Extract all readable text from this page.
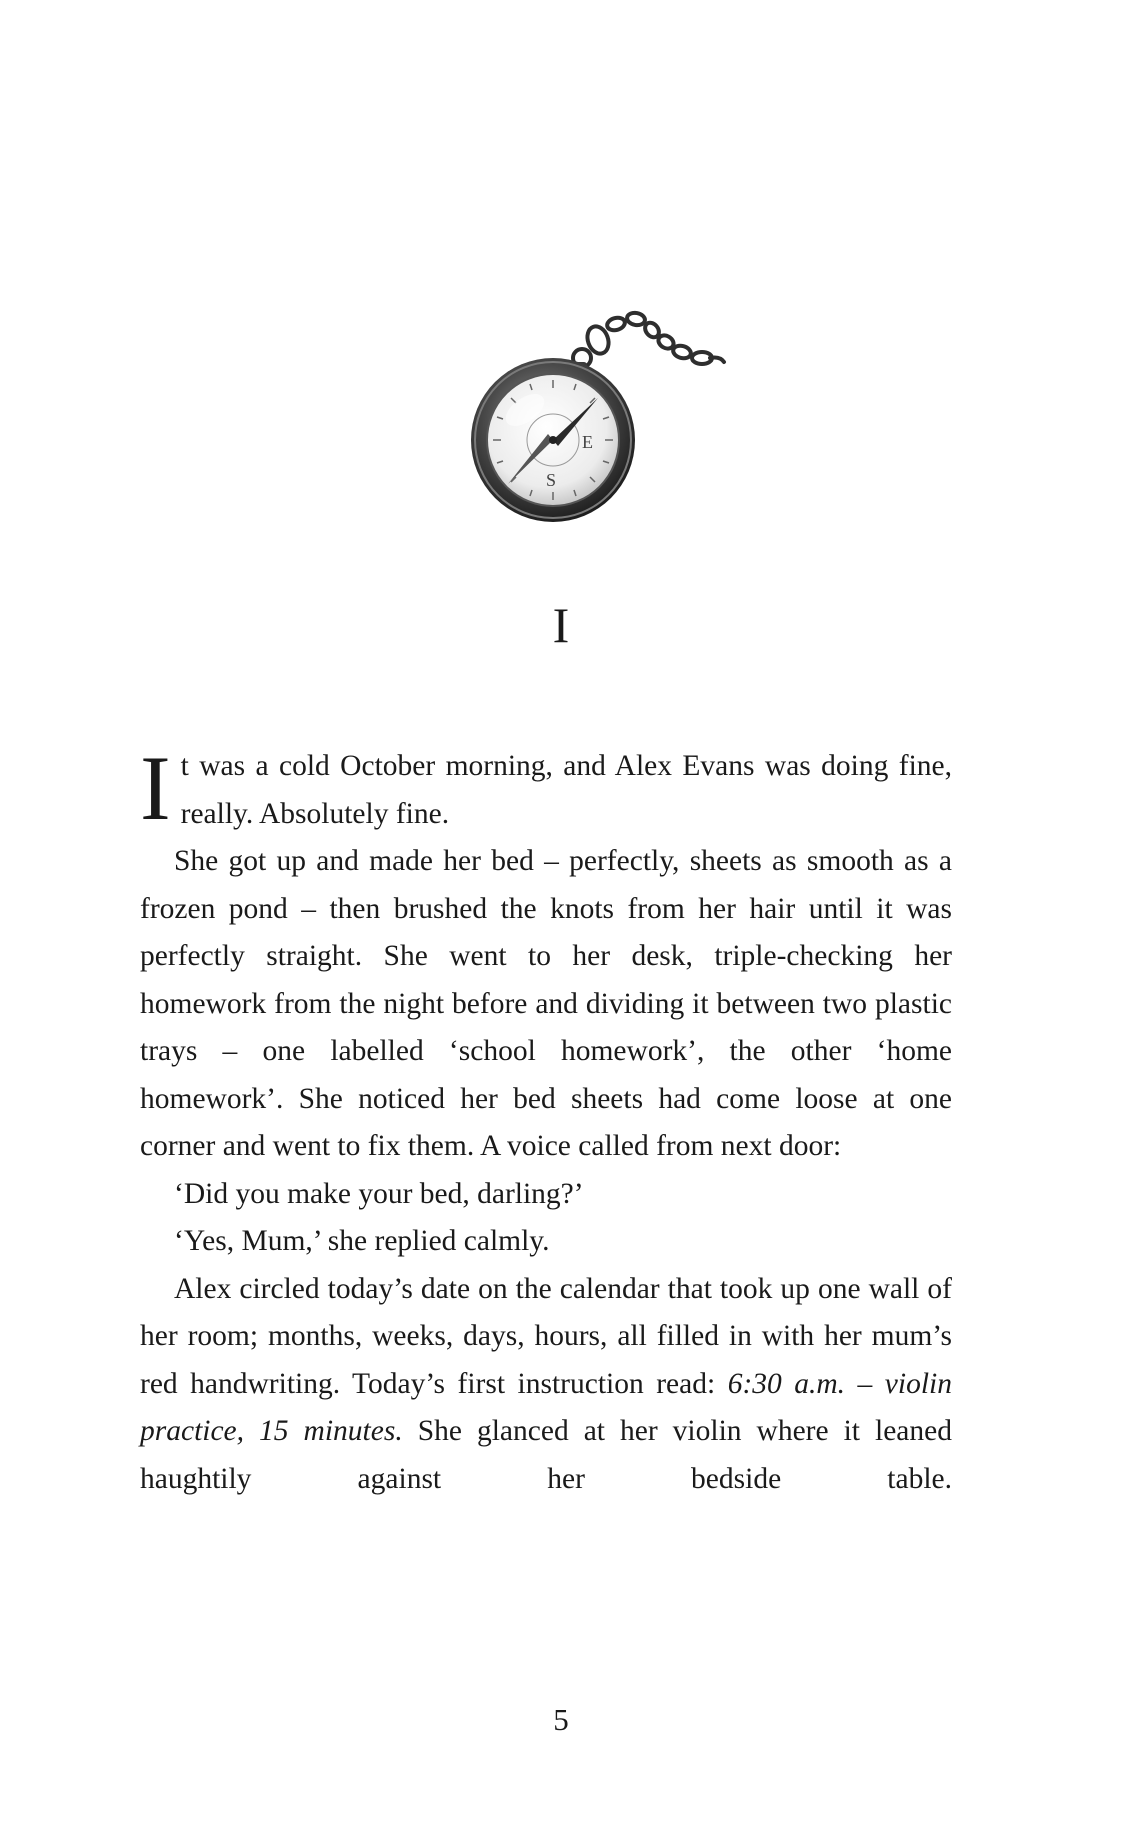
E
S
I

It was a cold October morning, and Alex Evans was doing fine, really. Absolutely fine.

She got up and made her bed – perfectly, sheets as smooth as a frozen pond – then brushed the knots from her hair until it was perfectly straight. She went to her desk, triple-checking her homework from the night before and dividing it between two plastic trays – one labelled ‘school homework’, the other ‘home homework’. She noticed her bed sheets had come loose at one corner and went to fix them. A voice called from next door:

‘Did you make your bed, darling?’

‘Yes, Mum,’ she replied calmly.

Alex circled today’s date on the calendar that took up one wall of her room; months, weeks, days, hours, all filled in with her mum’s red handwriting. Today’s first instruction read: 6:30 a.m. – violin practice, 15 minutes. She glanced at her violin where it leaned haughtily against her bedside table.

5
